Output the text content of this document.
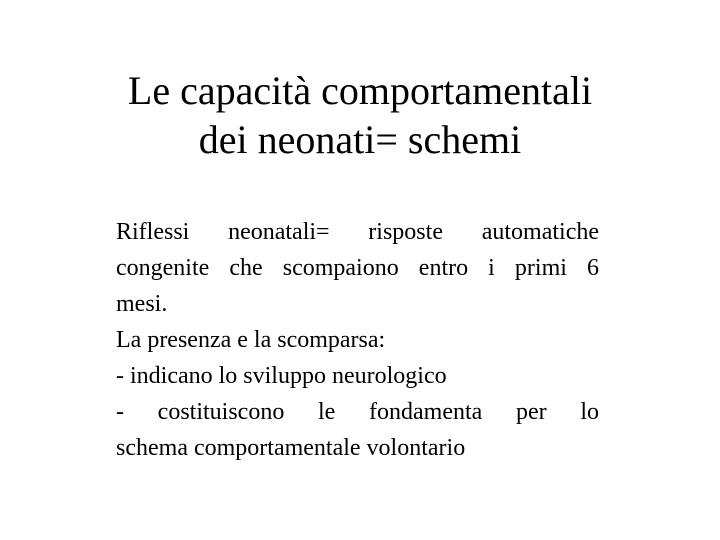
Le capacità comportamentali
dei neonati= schemi
Riflessi neonatali= risposte automatiche
congenite che scompaiono entro i primi 6
mesi.
La presenza e la scomparsa:
- indicano lo sviluppo neurologico
- costituiscono le fondamenta per lo
schema comportamentale volontario
